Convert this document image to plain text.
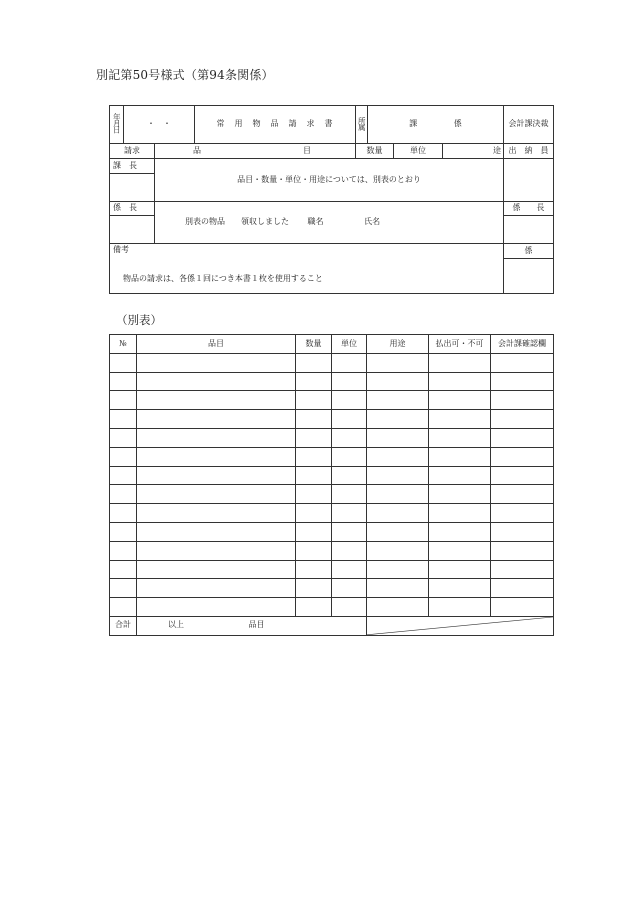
別記第50号様式（第94条関係）
年月日	・　・		常　用　物　品　請　求　書	所属	課 係			会計課決裁
請求		品 目		数量		単位	途	出　納　員
課　長		品目・数量・単位・用途については、別表のとおり						

係　長		別表の物品　　領収しました 職名 氏名						係　　長

備考
物品の請求は、各係１回につき本書１枚を使用すること								係

（別表）
№	品目	数量	単位	用途	払出可・不可	会計課確認欄

合計	以上 品目	
